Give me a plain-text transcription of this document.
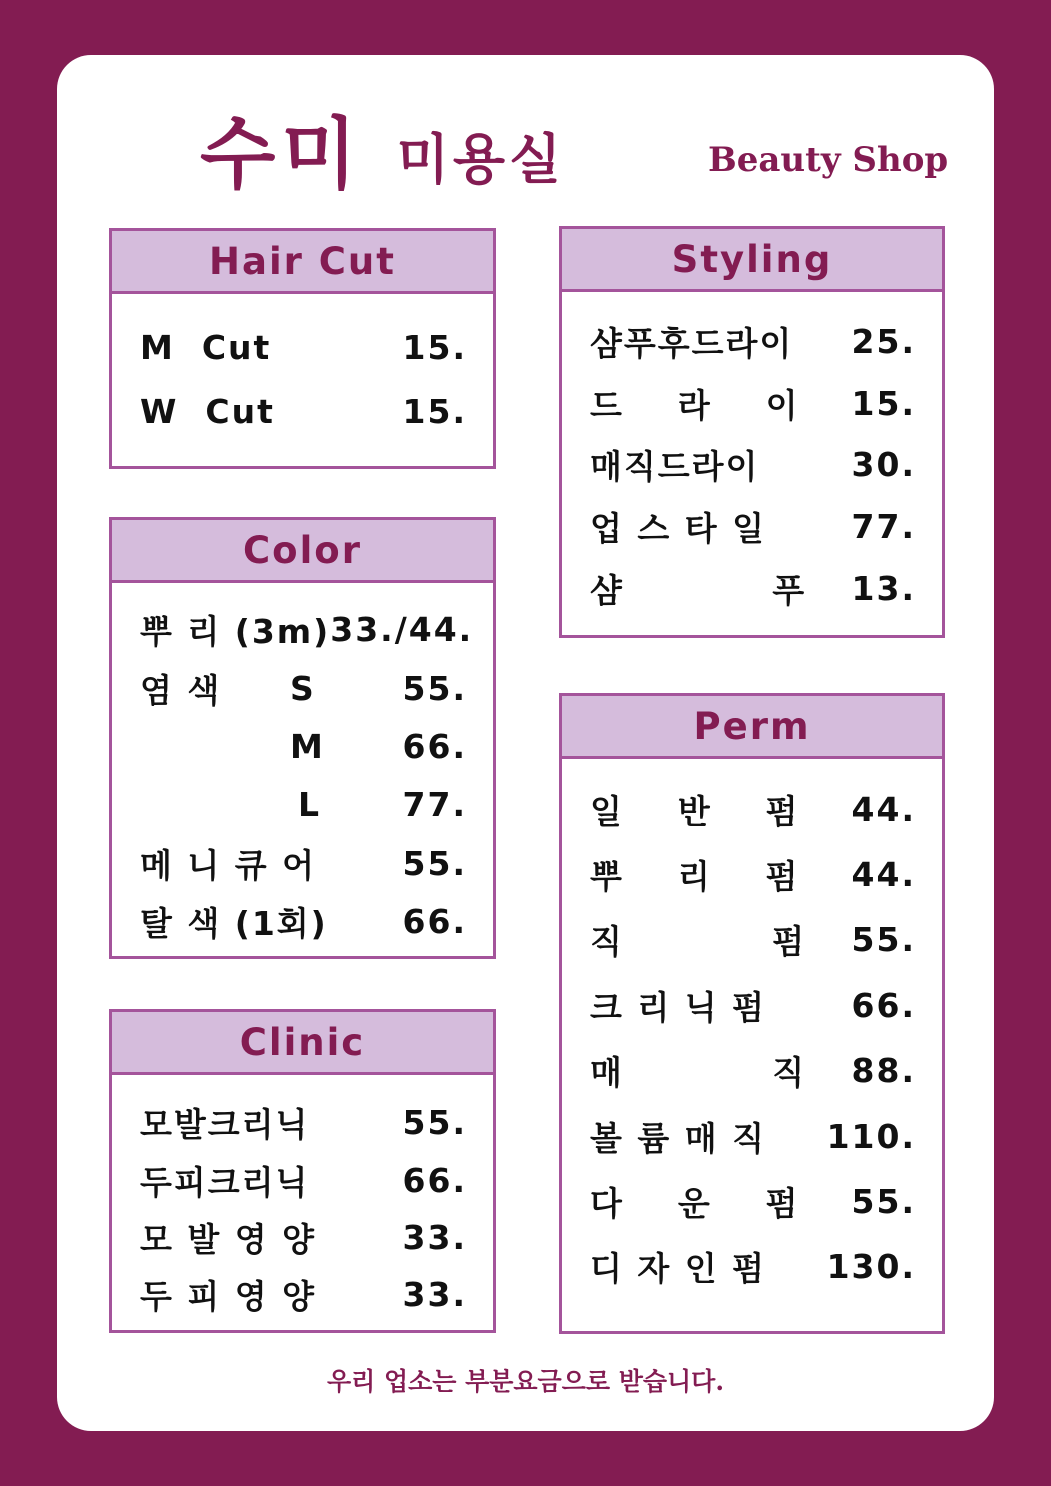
수미 미용실	Beauty Shop
Hair Cut
M  Cut	15.
W  Cut	15.
Color
뿌 리 (3m) 33./44.
염 색 S	55.
M 66.
L 77.
메 니 큐 어	55.
탈 색 (1회) 66.
Clinic
모발크리닉	55.
두피크리닉	66.
모 발 영 양	33.
두 피 영 양	33.
Styling
샴푸후드라이 25.
드    라    이 15.
매직드라이	30.
업 스 타 일	77.
샴           푸 13.
Perm
일    반    펌 44.
뿌    리    펌 44.
직           펌 55.
크 리 닉 펌	66.
매           직 88.
볼 륨 매 직 110.
다    운    펌 55.
디 자 인 펌 130.
우리 업소는 부분요금으로 받습니다.
